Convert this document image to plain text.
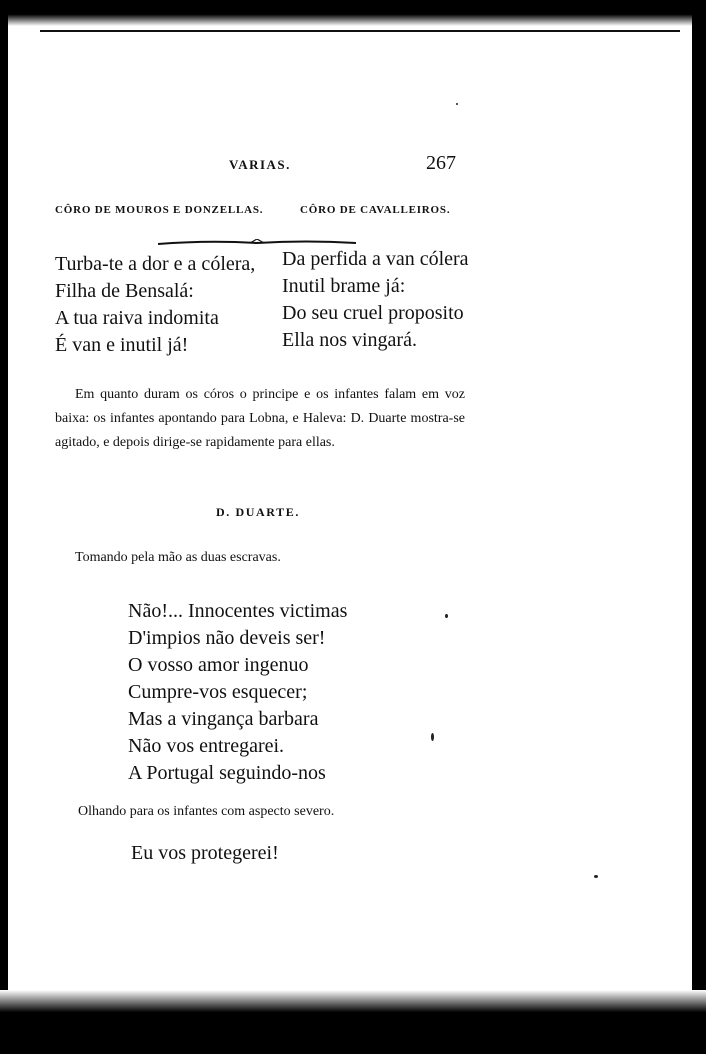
VARIAS.	267
CÔRO DE MOUROS E DONZELLAS.	CÔRO DE CAVALLEIROS.
Turba-te a dor e a cólera,
Filha de Bensalá:
A tua raiva indomita
É van e inutil já!
Da perfida a van cólera
Inutil brame já:
Do seu cruel proposito
Ella nos vingará.

Em quanto duram os córos o principe e os infantes falam em voz baixa: os infantes apontando para Lobna, e Haleva: D. Duarte mostra-se agitado, e depois dirige-se rapidamente para ellas.

D. DUARTE.
Tomando pela mão as duas escravas.
Não!... Innocentes victimas
D'impios não deveis ser!
O vosso amor ingenuo
Cumpre-vos esquecer;
Mas a vingança barbara
Não vos entregarei.
A Portugal seguindo-nos
Olhando para os infantes com aspecto severo.
Eu vos protegerei!
